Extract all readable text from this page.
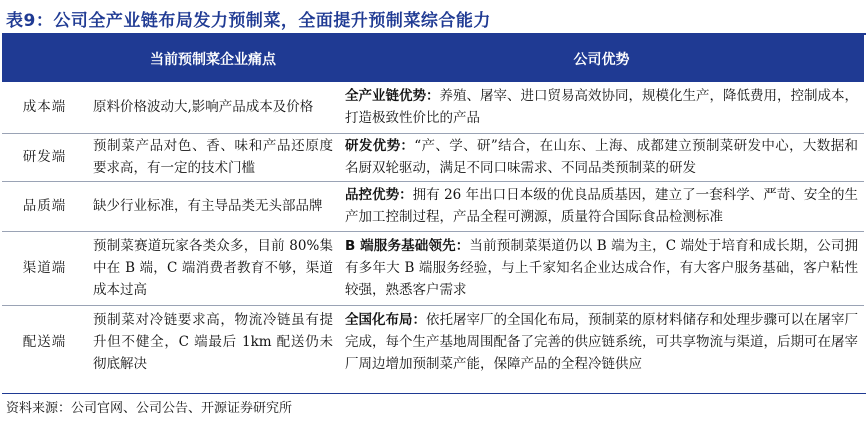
表9：公司全产业链布局发力预制菜，全面提升预制菜综合能力
	当前预制菜企业痛点	公司优势
成本端	原料价格波动大,影响产品成本及价格	全产业链优势：养殖、屠宰、进口贸易高效协同，规模化生产，降低费用，控制成本，打造极致性价比的产品
研发端	预制菜产品对色、香、味和产品还原度要求高，有一定的技术门槛	研发优势：“产、学、研”结合，在山东、上海、成都建立预制菜研发中心，大数据和名厨双轮驱动，满足不同口味需求、不同品类预制菜的研发
品质端	缺少行业标准，有主导品类无头部品牌	品控优势：拥有 26 年出口日本级的优良品质基因，建立了一套科学、严苛、安全的生产加工控制过程，产品全程可溯源，质量符合国际食品检测标准
渠道端	预制菜赛道玩家各类众多，目前 80%集中在 B 端，C 端消费者教育不够，渠道成本过高	B 端服务基础领先：当前预制菜渠道仍以 B 端为主，C 端处于培育和成长期，公司拥有多年大 B 端服务经验，与上千家知名企业达成合作，有大客户服务基础，客户粘性较强，熟悉客户需求
配送端	预制菜对冷链要求高，物流冷链虽有提升但不健全，C 端最后 1km 配送仍未彻底解决	全国化布局：依托屠宰厂的全国化布局，预制菜的原材料储存和处理步骤可以在屠宰厂完成，每个生产基地周围配备了完善的供应链系统，可共享物流与渠道，后期可在屠宰厂周边增加预制菜产能，保障产品的全程冷链供应
资料来源：公司官网、公司公告、开源证券研究所
